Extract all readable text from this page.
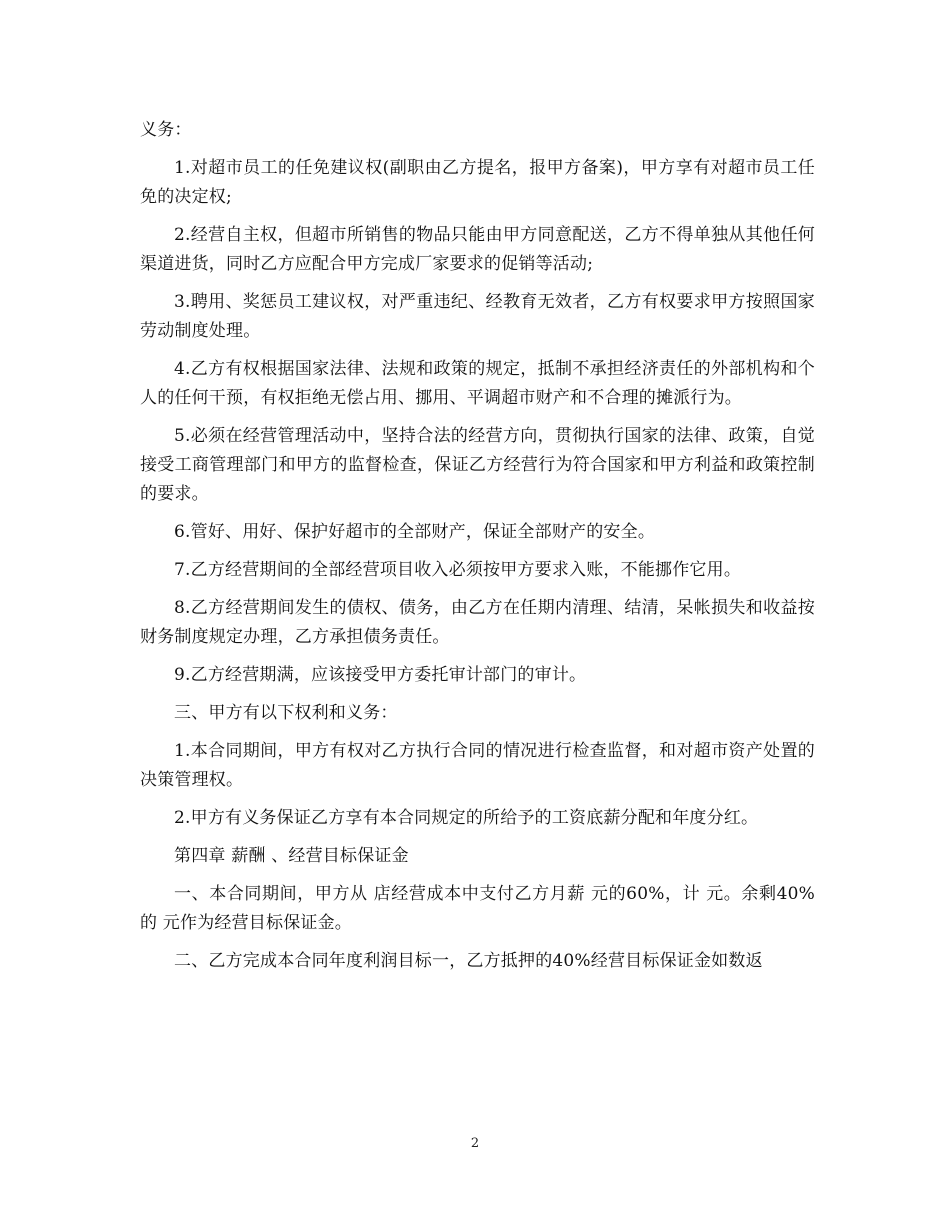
义务：

1.对超市员工的任免建议权(副职由乙方提名，报甲方备案)，甲方享有对超市员工任免的决定权;

2.经营自主权，但超市所销售的物品只能由甲方同意配送，乙方不得单独从其他任何渠道进货，同时乙方应配合甲方完成厂家要求的促销等活动;

3.聘用、奖惩员工建议权，对严重违纪、经教育无效者，乙方有权要求甲方按照国家劳动制度处理。

4.乙方有权根据国家法律、法规和政策的规定，抵制不承担经济责任的外部机构和个人的任何干预，有权拒绝无偿占用、挪用、平调超市财产和不合理的摊派行为。

5.必须在经营管理活动中，坚持合法的经营方向，贯彻执行国家的法律、政策，自觉接受工商管理部门和甲方的监督检查，保证乙方经营行为符合国家和甲方利益和政策控制的要求。

6.管好、用好、保护好超市的全部财产，保证全部财产的安全。

7.乙方经营期间的全部经营项目收入必须按甲方要求入账，不能挪作它用。

8.乙方经营期间发生的债权、债务，由乙方在任期内清理、结清，呆帐损失和收益按财务制度规定办理，乙方承担债务责任。

9.乙方经营期满，应该接受甲方委托审计部门的审计。

三、甲方有以下权利和义务：

1.本合同期间，甲方有权对乙方执行合同的情况进行检查监督，和对超市资产处置的决策管理权。

2.甲方有义务保证乙方享有本合同规定的所给予的工资底薪分配和年度分红。

第四章 薪酬 、经营目标保证金

一、本合同期间，甲方从 店经营成本中支付乙方月薪 元的60%，计 元。余剩40% 的 元作为经营目标保证金。

二、乙方完成本合同年度利润目标一，乙方抵押的40%经营目标保证金如数返

2
